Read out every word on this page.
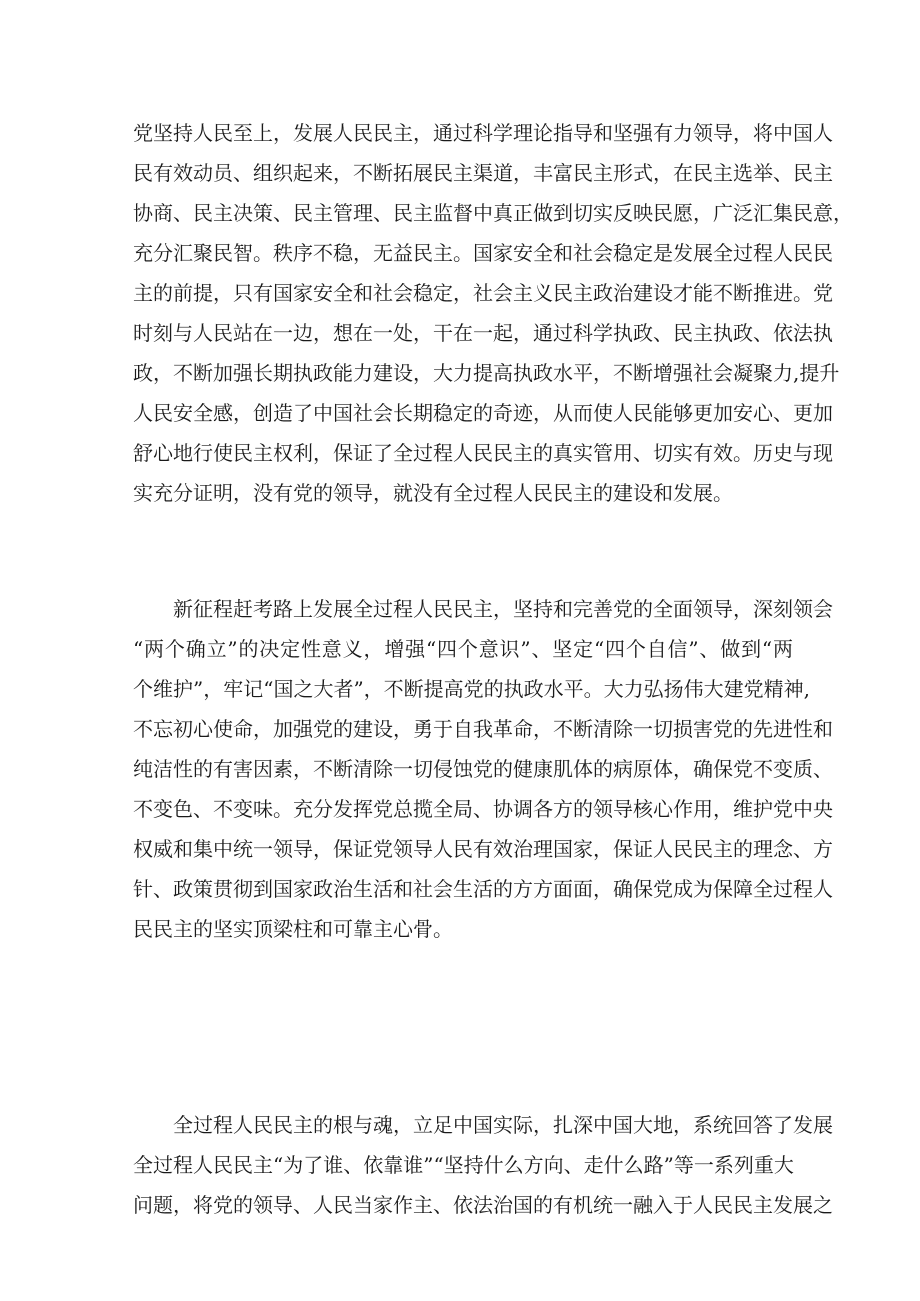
党坚持人民至上，发展人民民主，通过科学理论指导和坚强有力领导，将中国人
民有效动员、组织起来，不断拓展民主渠道，丰富民主形式，在民主选举、民主
协商、民主决策、民主管理、民主监督中真正做到切实反映民愿，广泛汇集民意，
充分汇聚民智。秩序不稳，无益民主。国家安全和社会稳定是发展全过程人民民
主的前提，只有国家安全和社会稳定，社会主义民主政治建设才能不断推进。党
时刻与人民站在一边，想在一处，干在一起，通过科学执政、民主执政、依法执
政，不断加强长期执政能力建设，大力提高执政水平，不断增强社会凝聚力,提升
人民安全感，创造了中国社会长期稳定的奇迹，从而使人民能够更加安心、更加
舒心地行使民主权利，保证了全过程人民民主的真实管用、切实有效。历史与现
实充分证明，没有党的领导，就没有全过程人民民主的建设和发展。
新征程赶考路上发展全过程人民民主，坚持和完善党的全面领导，深刻领会
“两个确立”的决定性意义，增强“四个意识”、坚定“四个自信”、做到“两
个维护”，牢记“国之大者”，不断提高党的执政水平。大力弘扬伟大建党精神,
不忘初心使命，加强党的建设，勇于自我革命，不断清除一切损害党的先进性和
纯洁性的有害因素，不断清除一切侵蚀党的健康肌体的病原体，确保党不变质、
不变色、不变味。充分发挥党总揽全局、协调各方的领导核心作用，维护党中央
权威和集中统一领导，保证党领导人民有效治理国家，保证人民民主的理念、方
针、政策贯彻到国家政治生活和社会生活的方方面面，确保党成为保障全过程人
民民主的坚实顶梁柱和可靠主心骨。
全过程人民民主的根与魂，立足中国实际，扎深中国大地，系统回答了发展
全过程人民民主“为了谁、依靠谁”“坚持什么方向、走什么路”等一系列重大
问题，将党的领导、人民当家作主、依法治国的有机统一融入于人民民主发展之
